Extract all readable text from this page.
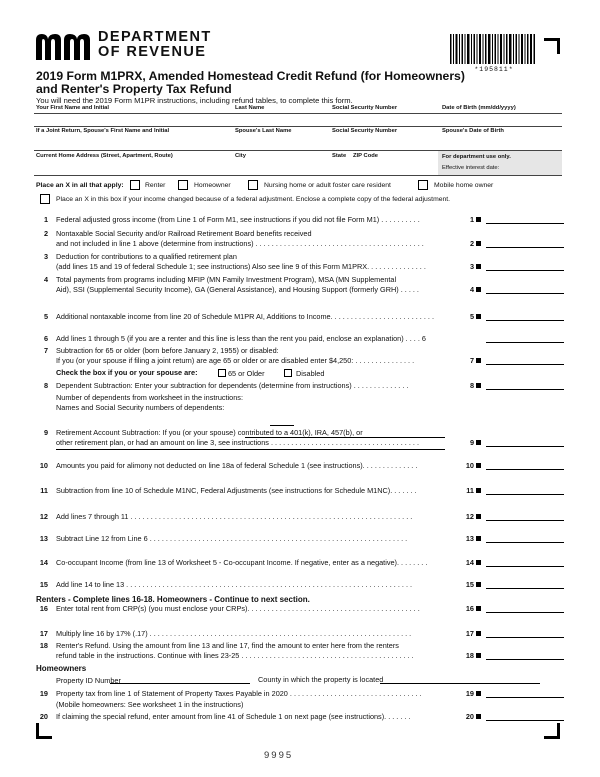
DEPARTMENT
OF REVENUE
*195811*
2019 Form M1PRX, Amended Homestead Credit Refund (for Homeowners)
and Renter's Property Tax Refund
You will need the 2019 Form M1PR instructions, including refund tables, to complete this form.
Your First Name and Initial	Last Name	Social Security Number	Date of Birth (mm/dd/yyyy)
If a Joint Return, Spouse's First Name and Initial	Spouse's Last Name	Social Security Number	Spouse's Date of Birth
Current Home Address (Street, Apartment, Route)	City	State ZIP Code	For department use only.
Effective interest date:
Place an X in all that apply:	Renter	Homeowner	Nursing home or adult foster care resident	Mobile home owner
Place an X in this box if your income changed because of a federal adjustment. Enclose a complete copy of the federal adjustment.
1 Federal adjusted gross income (from Line 1 of Form M1, see instructions if you did not file Form M1) . . . . . . . . . .	1
2 Nontaxable Social Security and/or Railroad Retirement Board benefits received
and not included in line 1 above (determine from instructions) . . . . . . . . . . . . . . . . . . . . . . . . . . . . . . . . . . . . . . . . . .	2
3 Deduction for contributions to a qualified retirement plan
(add lines 15 and 19 of federal Schedule 1; see instructions) Also see line 9 of this Form M1PRX. . . . . . . . . . . . . . .	3
4 Total payments from programs including MFIP (MN Family Investment Program), MSA (MN Supplemental
Aid), SSI (Supplemental Security Income), GA (General Assistance), and Housing Support (formerly GRH) . . . . .	4
5 Additional nontaxable income from line 20 of Schedule M1PR AI, Additions to Income. . . . . . . . . . . . . . . . . . . . . . . . . .	5
6 Add lines 1 through 5 (if you are a renter and this line is less than the rent you paid, enclose an explanation) . . . . 6
7 Subtraction for 65 or older (born before January 2, 1955) or disabled:
If you (or your spouse if filing a joint return) are age 65 or older or are disabled enter $4,250: . . . . . . . . . . . . . . .	7
Check the box if you or your spouse are:
8 Dependent Subtraction: Enter your subtraction for dependents (determine from instructions) . . . . . . . . . . . . . .	8
Number of dependents from worksheet in the instructions:
Names and Social Security numbers of dependents:
9 Retirement Account Subtraction: If you (or your spouse) contributed to a 401(k), IRA, 457(b), or
other retirement plan, or had an amount on line 3, see instructions . . . . . . . . . . . . . . . . . . . . . . . . . . . . . . . . . . . . .	9
10 Amounts you paid for alimony not deducted on line 18a of federal Schedule 1 (see instructions). . . . . . . . . . . . . .	10
11 Subtraction from line 10 of Schedule M1NC, Federal Adjustments (see instructions for Schedule M1NC). . . . . . .	11
12 Add lines 7 through 11 . . . . . . . . . . . . . . . . . . . . . . . . . . . . . . . . . . . . . . . . . . . . . . . . . . . . . . . . . . . . . . . . . . . . . .	12
13 Subtract Line 12 from Line 6 . . . . . . . . . . . . . . . . . . . . . . . . . . . . . . . . . . . . . . . . . . . . . . . . . . . . . . . . . . . . . . . .	13
14 Co-occupant Income (from line 13 of Worksheet 5 - Co-occupant Income. If negative, enter as a negative). . . . . . . .	14
15 Add line 14 to line 13 . . . . . . . . . . . . . . . . . . . . . . . . . . . . . . . . . . . . . . . . . . . . . . . . . . . . . . . . . . . . . . . . . . . . . . .	15
16 Enter total rent from CRP(s) (you must enclose your CRPs). . . . . . . . . . . . . . . . . . . . . . . . . . . . . . . . . . . . . . . . . . .	16
17 Multiply line 16 by 17% (.17) . . . . . . . . . . . . . . . . . . . . . . . . . . . . . . . . . . . . . . . . . . . . . . . . . . . . . . . . . . . . . . . . .	17
18 Renter's Refund. Using the amount from line 13 and line 17, find the amount to enter here from the renters
refund table in the instructions. Continue with lines 23-25 . . . . . . . . . . . . . . . . . . . . . . . . . . . . . . . . . . . . . . . . . . .	18
Property ID Number
19 Property tax from line 1 of Statement of Property Taxes Payable in 2020 . . . . . . . . . . . . . . . . . . . . . . . . . . . . . . . . .	19
(Mobile homeowners: See worksheet 1 in the instructions)
20 If claiming the special refund, enter amount from line 41 of Schedule 1 on next page (see instructions). . . . . . .	20
65 or Older	Disabled
Renters - Complete lines 16-18. Homeowners - Continue to next section.
Homeowners
County in which the property is located
9995
